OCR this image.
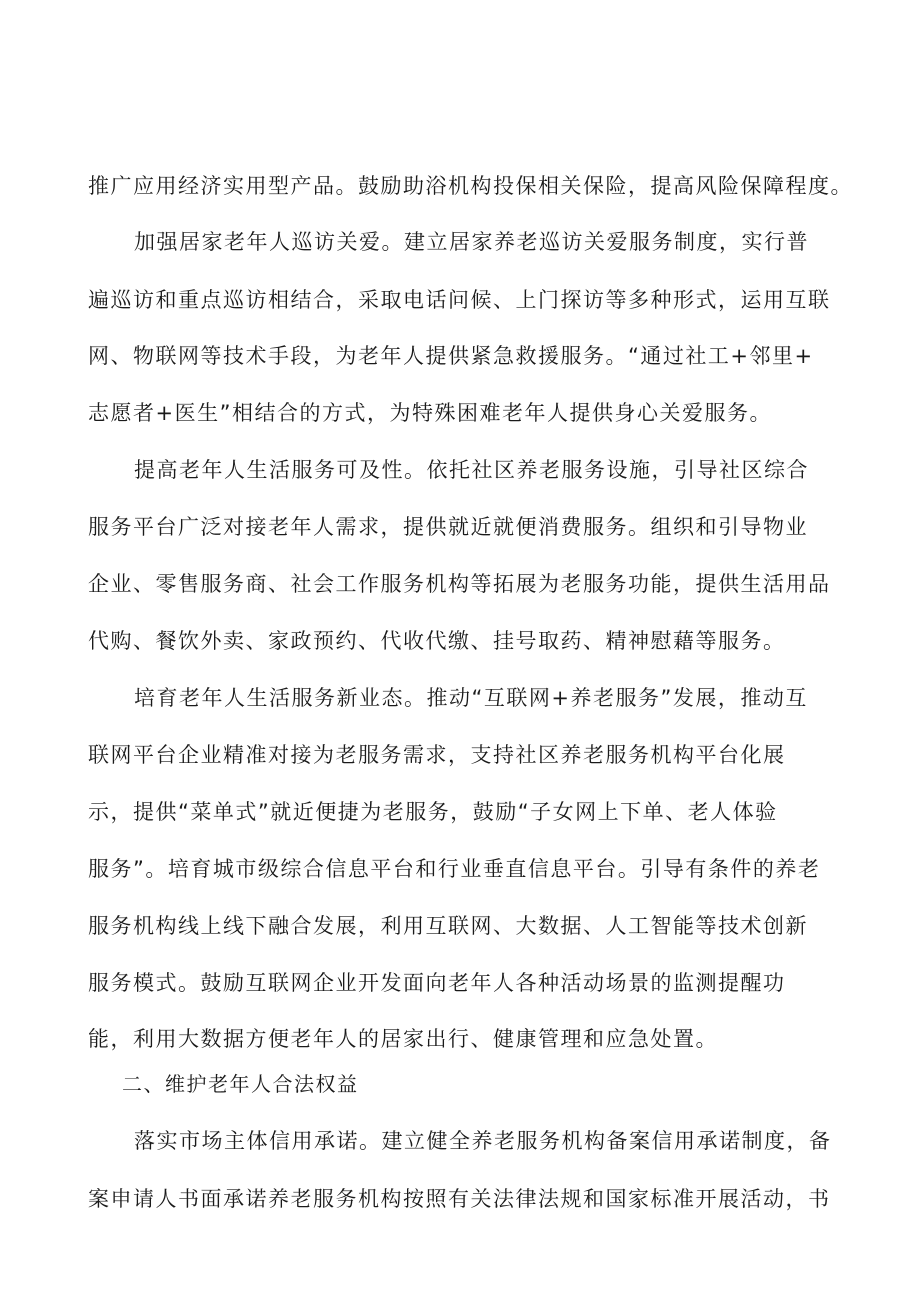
推广应用经济实用型产品。鼓励助浴机构投保相关保险，提高风险保障程度。
加强居家老年人巡访关爱。建立居家养老巡访关爱服务制度，实行普
遍巡访和重点巡访相结合，采取电话问候、上门探访等多种形式，运用互联
网、物联网等技术手段，为老年人提供紧急救援服务。“通过社工+邻里+
志愿者+医生”相结合的方式，为特殊困难老年人提供身心关爱服务。
提高老年人生活服务可及性。依托社区养老服务设施，引导社区综合
服务平台广泛对接老年人需求，提供就近就便消费服务。组织和引导物业
企业、零售服务商、社会工作服务机构等拓展为老服务功能，提供生活用品
代购、餐饮外卖、家政预约、代收代缴、挂号取药、精神慰藉等服务。
培育老年人生活服务新业态。推动“互联网+养老服务”发展，推动互
联网平台企业精准对接为老服务需求，支持社区养老服务机构平台化展
示，提供“菜单式”就近便捷为老服务，鼓励“子女网上下单、老人体验
服务”。培育城市级综合信息平台和行业垂直信息平台。引导有条件的养老
服务机构线上线下融合发展，利用互联网、大数据、人工智能等技术创新
服务模式。鼓励互联网企业开发面向老年人各种活动场景的监测提醒功
能，利用大数据方便老年人的居家出行、健康管理和应急处置。
二、维护老年人合法权益
落实市场主体信用承诺。建立健全养老服务机构备案信用承诺制度，备
案申请人书面承诺养老服务机构按照有关法律法规和国家标准开展活动，书
